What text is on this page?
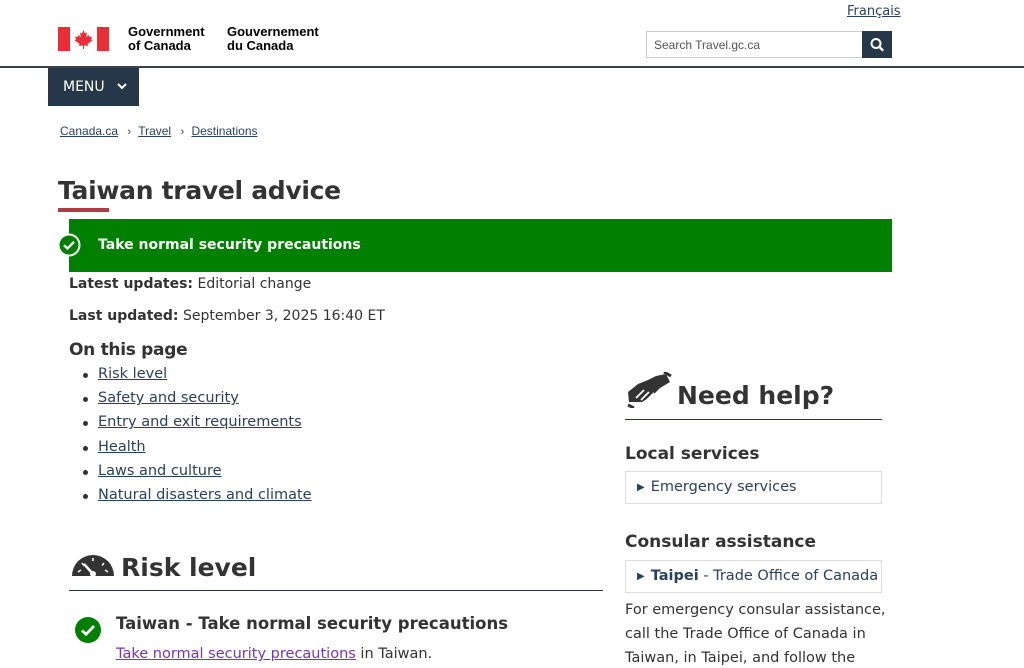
Français
Government
of Canada
Gouvernement
du Canada	Search Travel.gc.ca
MENU
Canada.ca › Travel › Destinations
Taiwan travel advice
Take normal security precautions
Latest updates: Editorial change
Last updated: September 3, 2025 16:40 ET
On this page
Risk level
Safety and security
Entry and exit requirements
Health
Laws and culture
Natural disasters and climate
Risk level
Taiwan - Take normal security precautions
Take normal security precautions in Taiwan.
Need help?
Local services
▶ Emergency services
Consular assistance
▶ Taipei - Trade Office of Canada
For emergency consular assistance, call the Trade Office of Canada in Taiwan, in Taipei, and follow the
